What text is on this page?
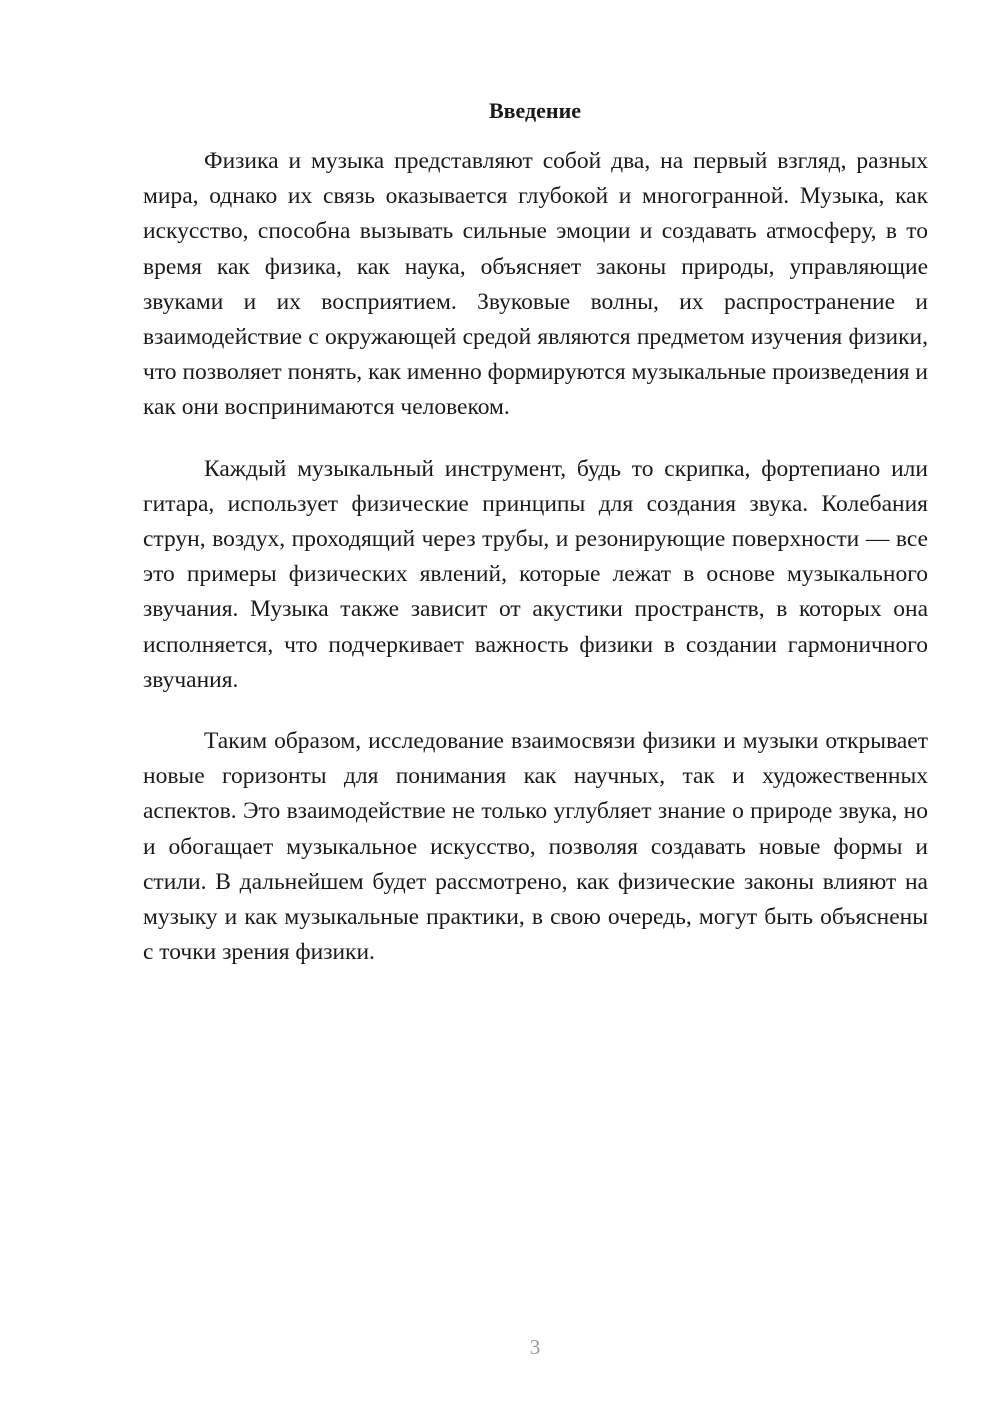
Введение

Физика и музыка представляют собой два, на первый взгляд, разных мира, однако их связь оказывается глубокой и многогранной. Музыка, как искусство, способна вызывать сильные эмоции и создавать атмосферу, в то время как физика, как наука, объясняет законы природы, управляющие звуками и их восприятием. Звуковые волны, их распространение и взаимодействие с окружающей средой являются предметом изучения физики, что позволяет понять, как именно формируются музыкальные произведения и как они воспринимаются человеком.

Каждый музыкальный инструмент, будь то скрипка, фортепиано или гитара, использует физические принципы для создания звука. Колебания струн, воздух, проходящий через трубы, и резонирующие поверхности — все это примеры физических явлений, которые лежат в основе музыкального звучания. Музыка также зависит от акустики пространств, в которых она исполняется, что подчеркивает важность физики в создании гармоничного звучания.

Таким образом, исследование взаимосвязи физики и музыки открывает новые горизонты для понимания как научных, так и художественных аспектов. Это взаимодействие не только углубляет знание о природе звука, но и обогащает музыкальное искусство, позволяя создавать новые формы и стили. В дальнейшем будет рассмотрено, как физические законы влияют на музыку и как музыкальные практики, в свою очередь, могут быть объяснены с точки зрения физики.

3
